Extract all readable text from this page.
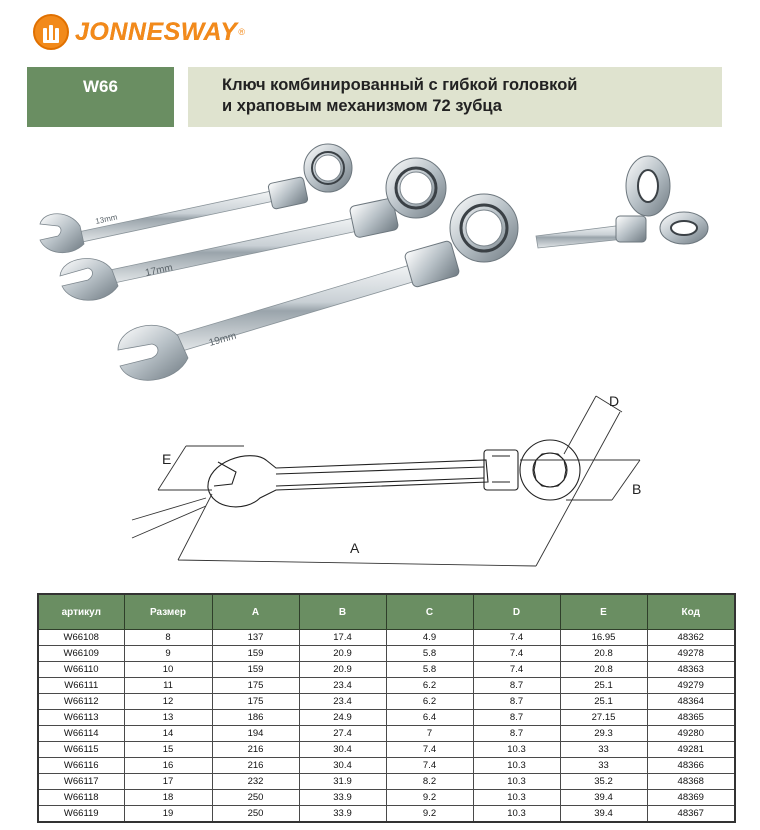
JONNESWAY ®
W66	Ключ комбинированный с гибкой головкой
и храповым механизмом 72 зубца
13mm
17mm
19mm
E
B
D
A
артикул	Размер	A	B	C	D	E	Код
W66108	8	137	17.4	4.9	7.4	16.95	48362
W66109	9	159	20.9	5.8	7.4	20.8	49278
W66110	10	159	20.9	5.8	7.4	20.8	48363
W66111	11	175	23.4	6.2	8.7	25.1	49279
W66112	12	175	23.4	6.2	8.7	25.1	48364
W66113	13	186	24.9	6.4	8.7	27.15	48365
W66114	14	194	27.4	7	8.7	29.3	49280
W66115	15	216	30.4	7.4	10.3	33	49281
W66116	16	216	30.4	7.4	10.3	33	48366
W66117	17	232	31.9	8.2	10.3	35.2	48368
W66118	18	250	33.9	9.2	10.3	39.4	48369
W66119	19	250	33.9	9.2	10.3	39.4	48367
